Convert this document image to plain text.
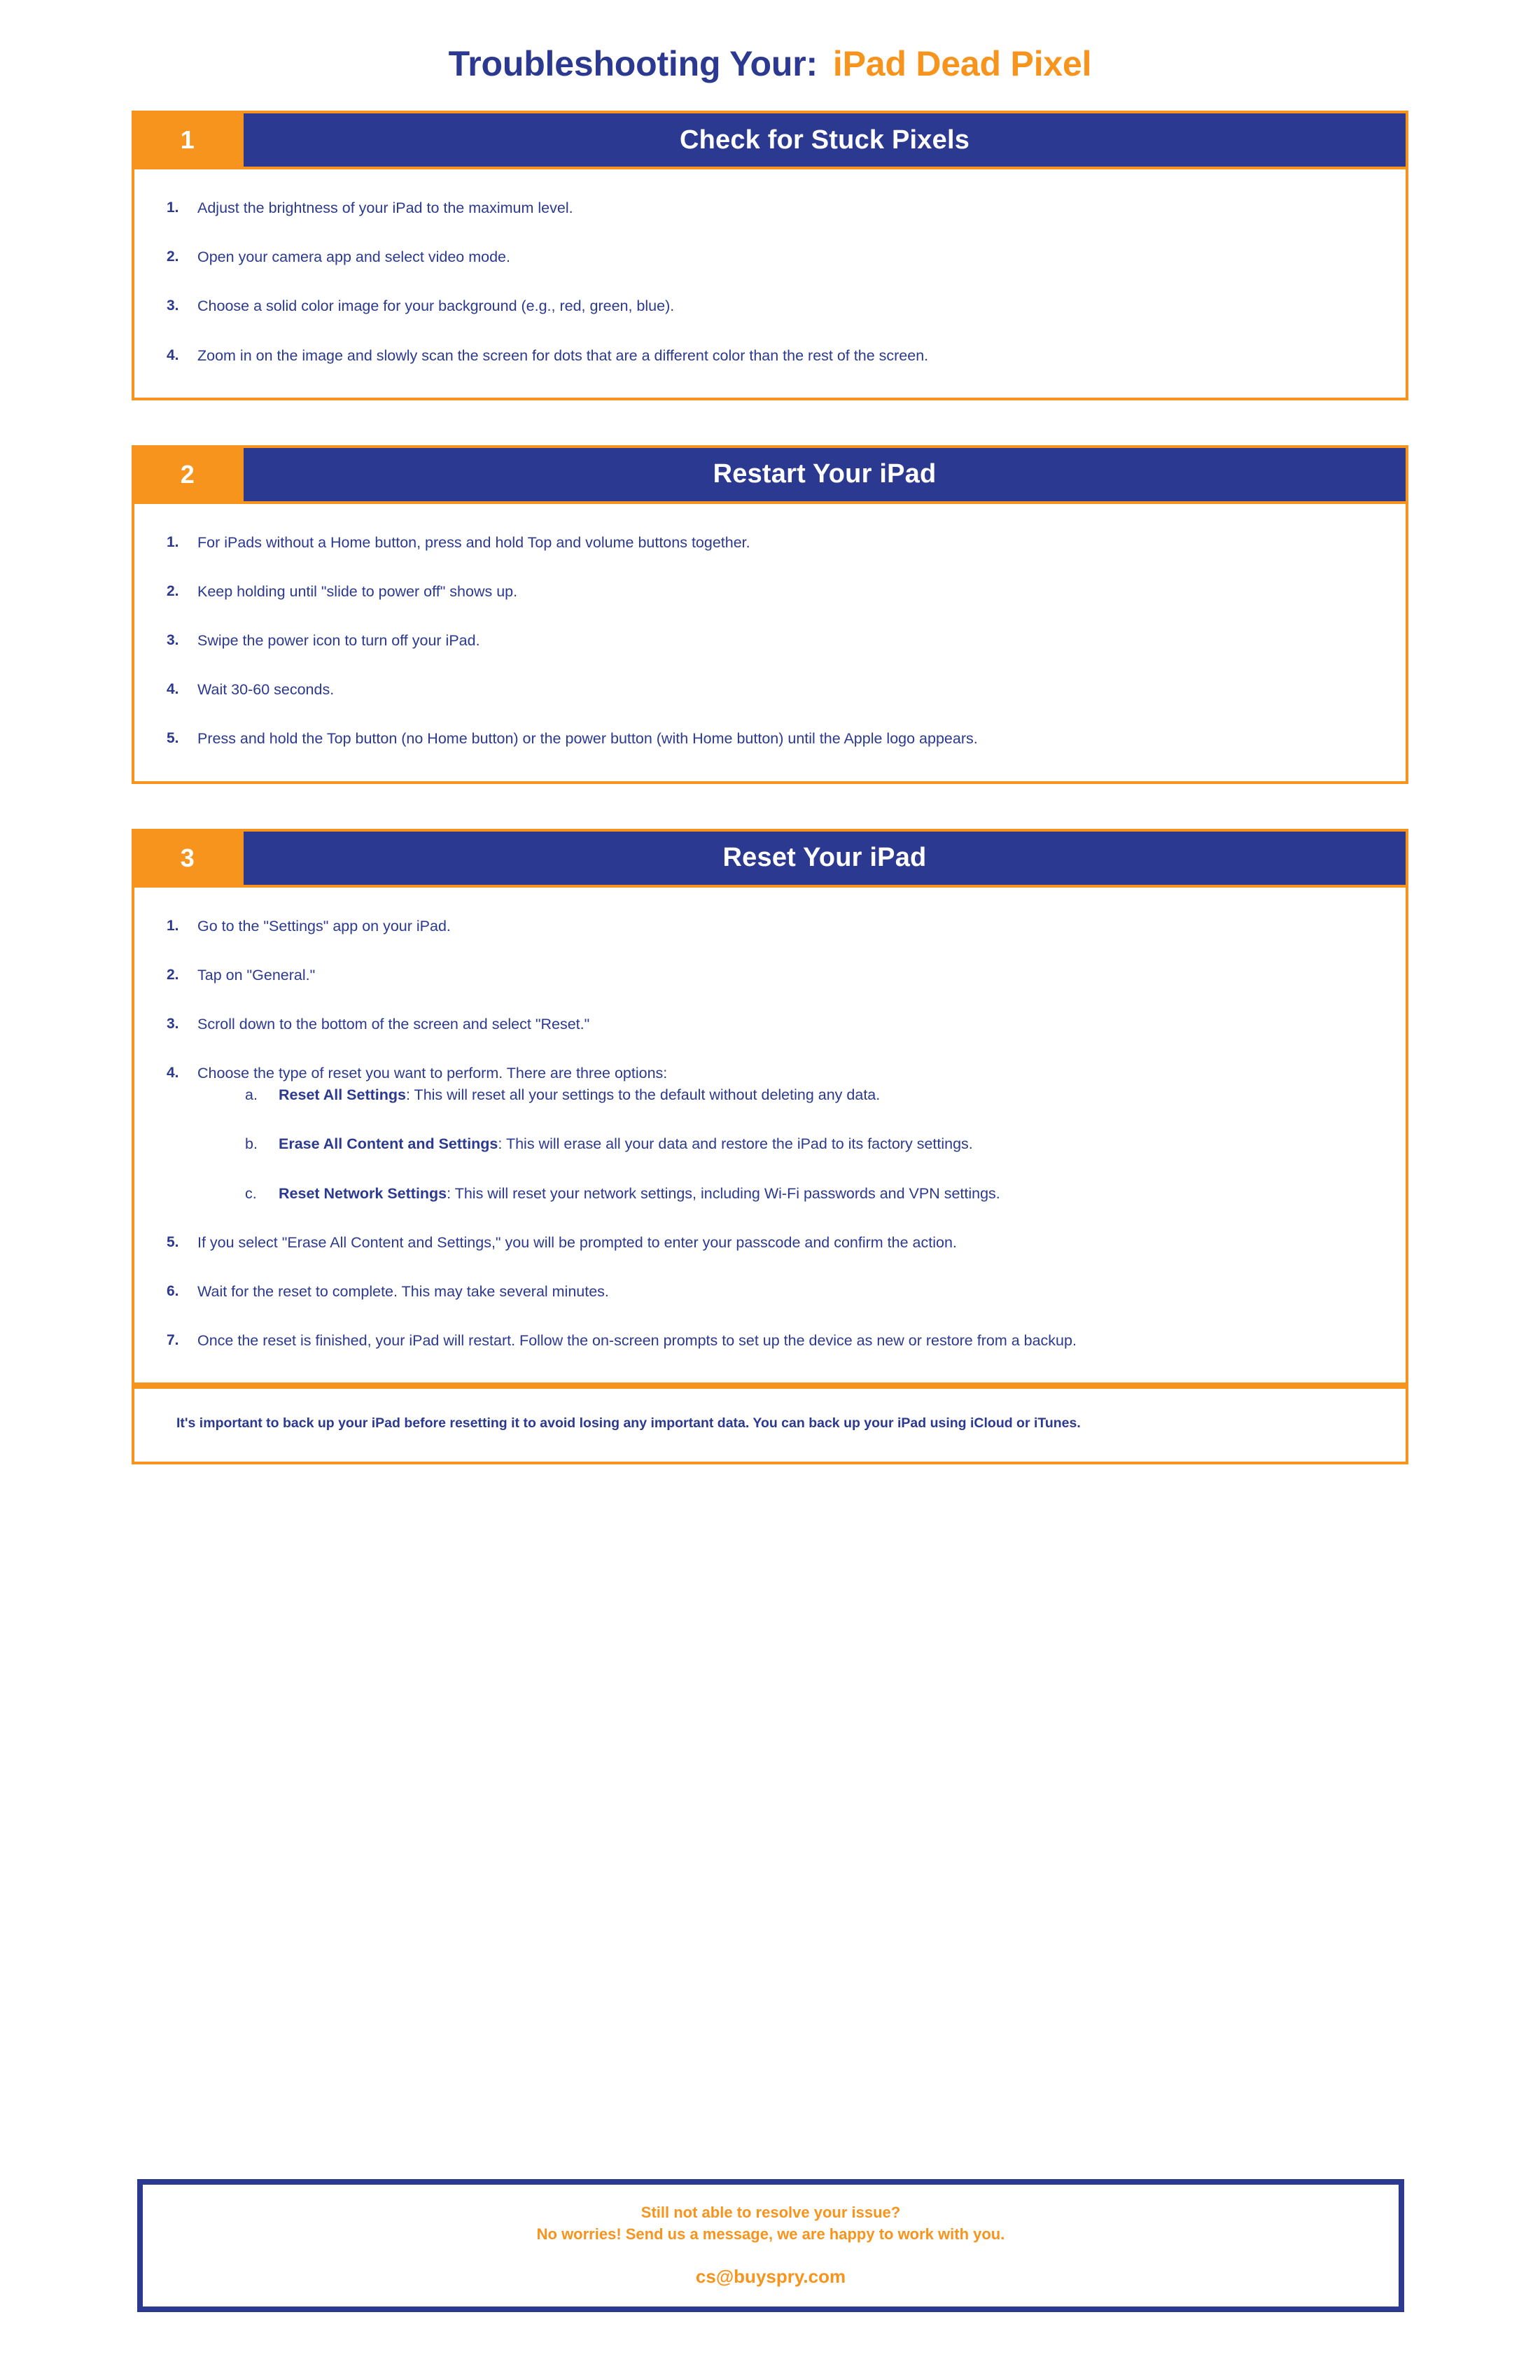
Troubleshooting Your: iPad Dead Pixel
1	Check for Stuck Pixels
1.	Adjust the brightness of your iPad to the maximum level.
2.	Open your camera app and select video mode.
3.	Choose a solid color image for your background (e.g., red, green, blue).
4.	Zoom in on the image and slowly scan the screen for dots that are a different color than the rest of the screen.
2	Restart Your iPad
1.	For iPads without a Home button, press and hold Top and volume buttons together.
2.	Keep holding until "slide to power off" shows up.
3.	Swipe the power icon to turn off your iPad.
4.	Wait 30-60 seconds.
5.	Press and hold the Top button (no Home button) or the power button (with Home button) until the Apple logo appears.
3	Reset Your iPad
1.	Go to the "Settings" app on your iPad.
2.	Tap on "General."
3.	Scroll down to the bottom of the screen and select "Reset."
4.	Choose the type of reset you want to perform. There are three options:
a.	Reset All Settings: This will reset all your settings to the default without deleting any data.
b.	Erase All Content and Settings: This will erase all your data and restore the iPad to its factory settings.
c.	Reset Network Settings: This will reset your network settings, including Wi-Fi passwords and VPN settings.
5.	If you select "Erase All Content and Settings," you will be prompted to enter your passcode and confirm the action.
6.	Wait for the reset to complete. This may take several minutes.
7.	Once the reset is finished, your iPad will restart. Follow the on-screen prompts to set up the device as new or restore from a backup.
It's important to back up your iPad before resetting it to avoid losing any important data. You can back up your iPad using iCloud or iTunes.
Still not able to resolve your issue?
No worries! Send us a message, we are happy to work with you.
cs@buyspry.com
